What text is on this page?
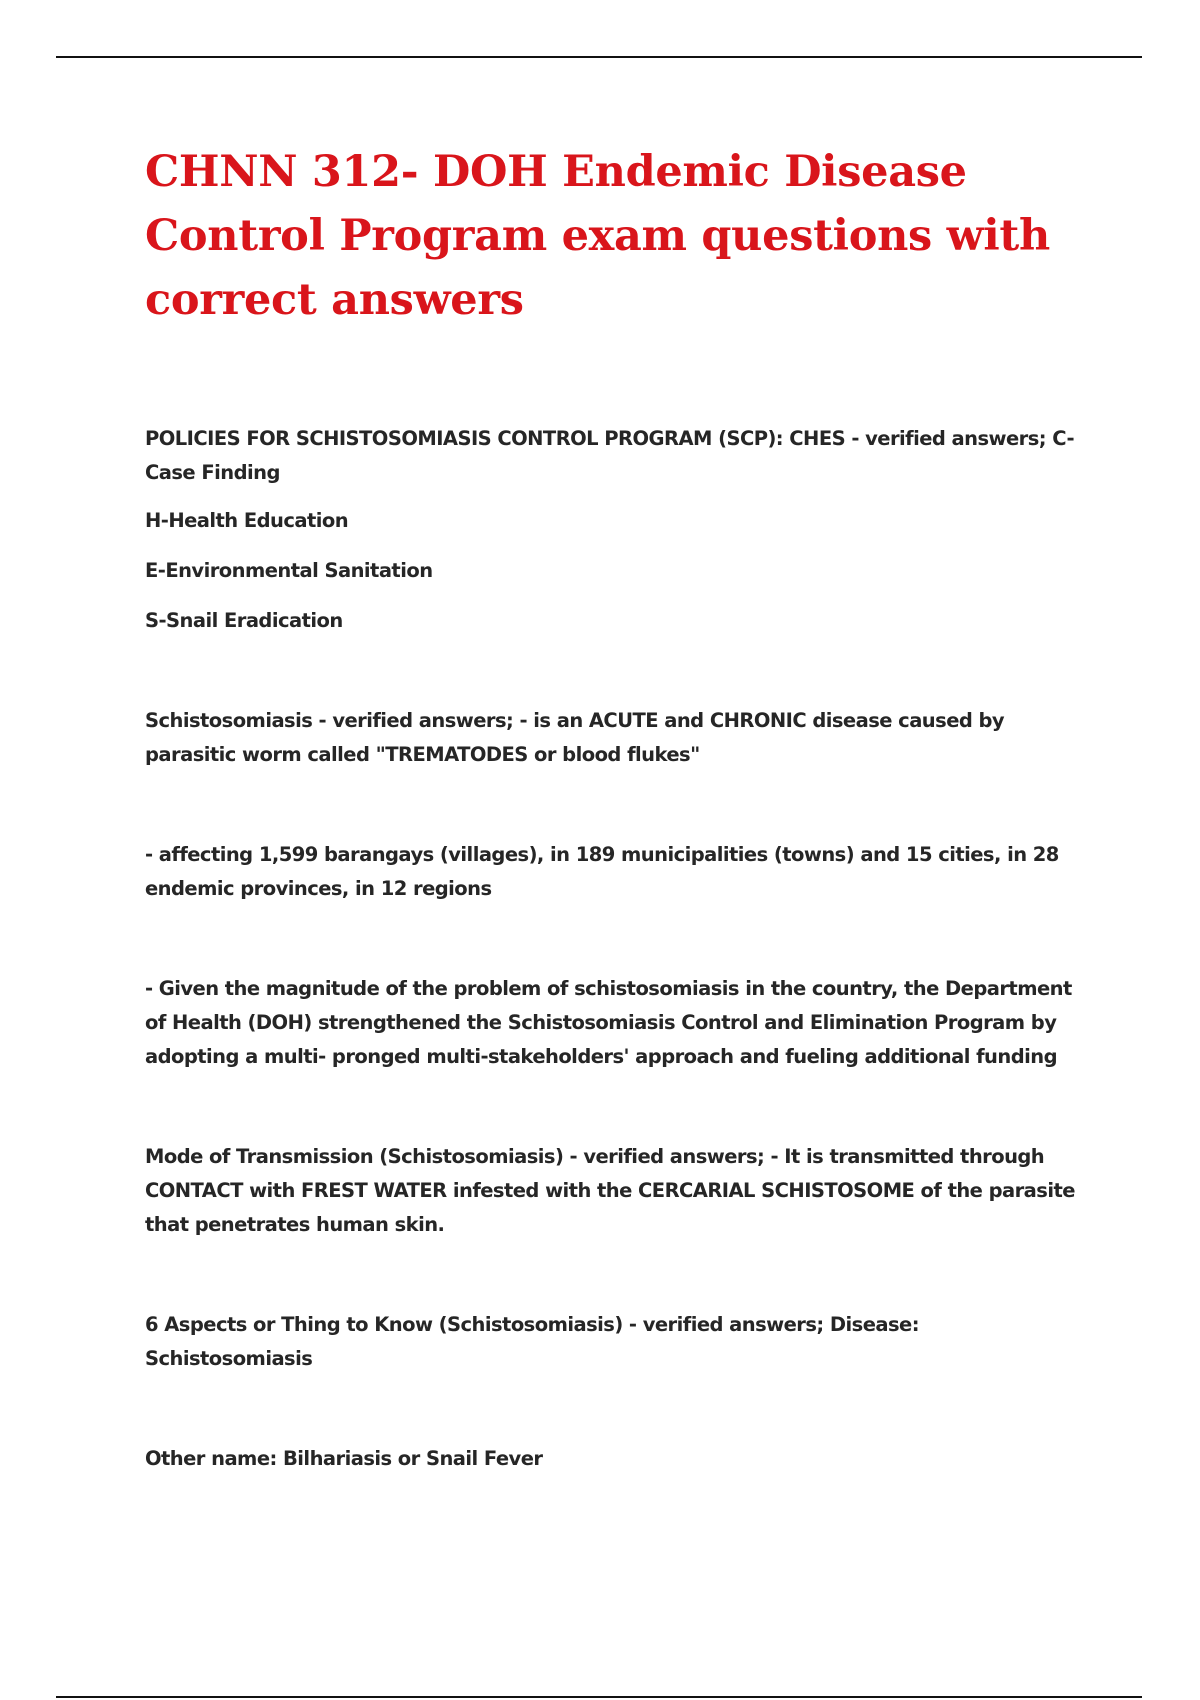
CHNN 312- DOH Endemic Disease Control Program exam questions with correct answers

POLICIES FOR SCHISTOSOMIASIS CONTROL PROGRAM (SCP): CHES - verified answers; C-Case Finding

H-Health Education

E-Environmental Sanitation

S-Snail Eradication

Schistosomiasis - verified answers; - is an ACUTE and CHRONIC disease caused by parasitic worm called "TREMATODES or blood flukes"

- affecting 1,599 barangays (villages), in 189 municipalities (towns) and 15 cities, in 28 endemic provinces, in 12 regions

- Given the magnitude of the problem of schistosomiasis in the country, the Department of Health (DOH) strengthened the Schistosomiasis Control and Elimination Program by adopting a multi- pronged multi-stakeholders' approach and fueling additional funding

Mode of Transmission (Schistosomiasis) - verified answers; - It is transmitted through CONTACT with FREST WATER infested with the CERCARIAL SCHISTOSOME of the parasite that penetrates human skin.

6 Aspects or Thing to Know (Schistosomiasis) - verified answers; Disease: Schistosomiasis

Other name: Bilhariasis or Snail Fever
